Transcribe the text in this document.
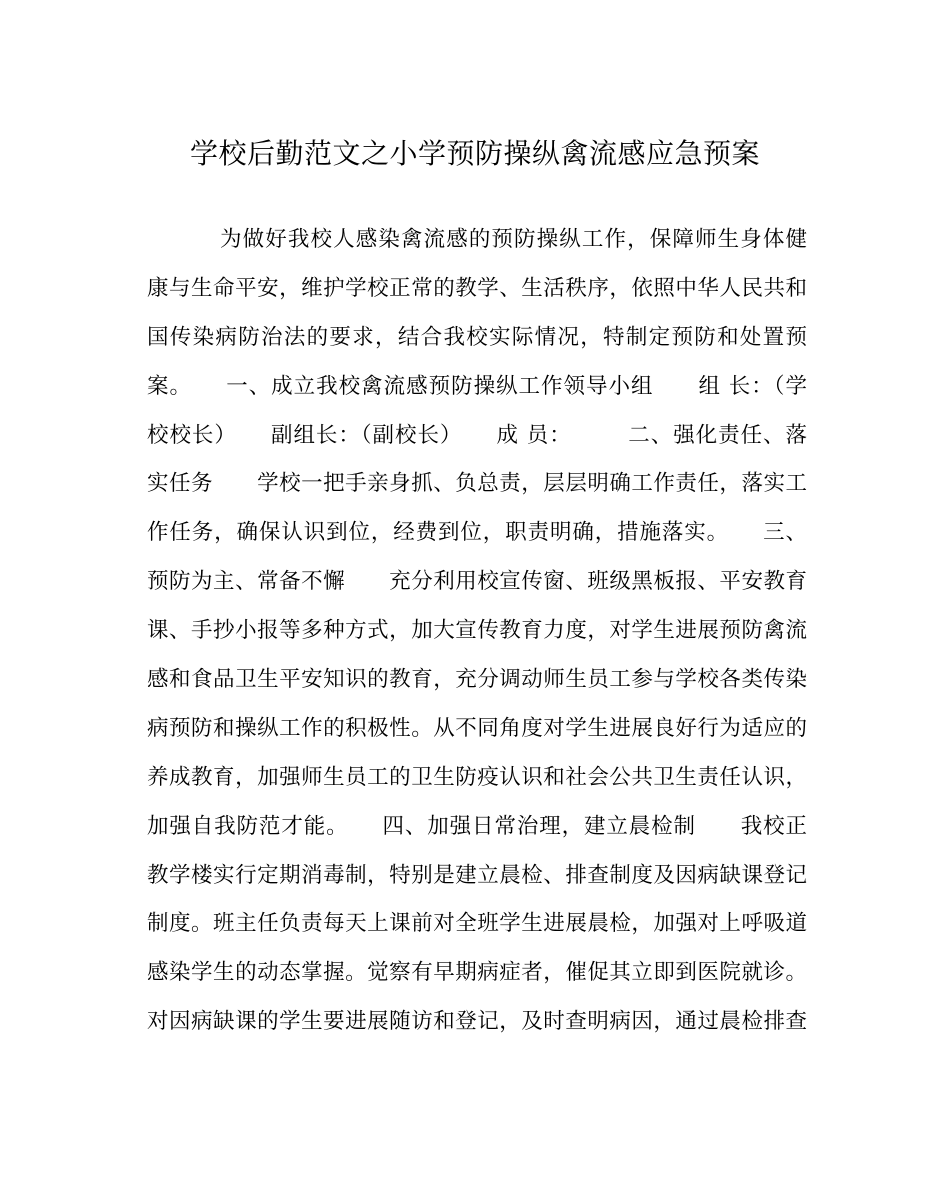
学校后勤范文之小学预防操纵禽流感应急预案
为做好我校人感染禽流感的预防操纵工作，保障师生身体健
康与生命平安，维护学校正常的教学、生活秩序，依照中华人民共和
国传染病防治法的要求，结合我校实际情况，特制定预防和处置预
案。　　一、成立我校禽流感预防操纵工作领导小组　　组 长：（学
校校长）　　副组长：（副校长）　　成 员：　　　二、强化责任、落
实任务　　学校一把手亲身抓、负总责，层层明确工作责任，落实工
作任务，确保认识到位，经费到位，职责明确，措施落实。　　三、
预防为主、常备不懈　　充分利用校宣传窗、班级黑板报、平安教育
课、手抄小报等多种方式，加大宣传教育力度，对学生进展预防禽流
感和食品卫生平安知识的教育，充分调动师生员工参与学校各类传染
病预防和操纵工作的积极性。从不同角度对学生进展良好行为适应的
养成教育，加强师生员工的卫生防疫认识和社会公共卫生责任认识，
加强自我防范才能。　　四、加强日常治理，建立晨检制　　我校正
教学楼实行定期消毒制，特别是建立晨检、排查制度及因病缺课登记
制度。班主任负责每天上课前对全班学生进展晨检，加强对上呼吸道
感染学生的动态掌握。觉察有早期病症者，催促其立即到医院就诊。
对因病缺课的学生要进展随访和登记，及时查明病因，通过晨检排查
